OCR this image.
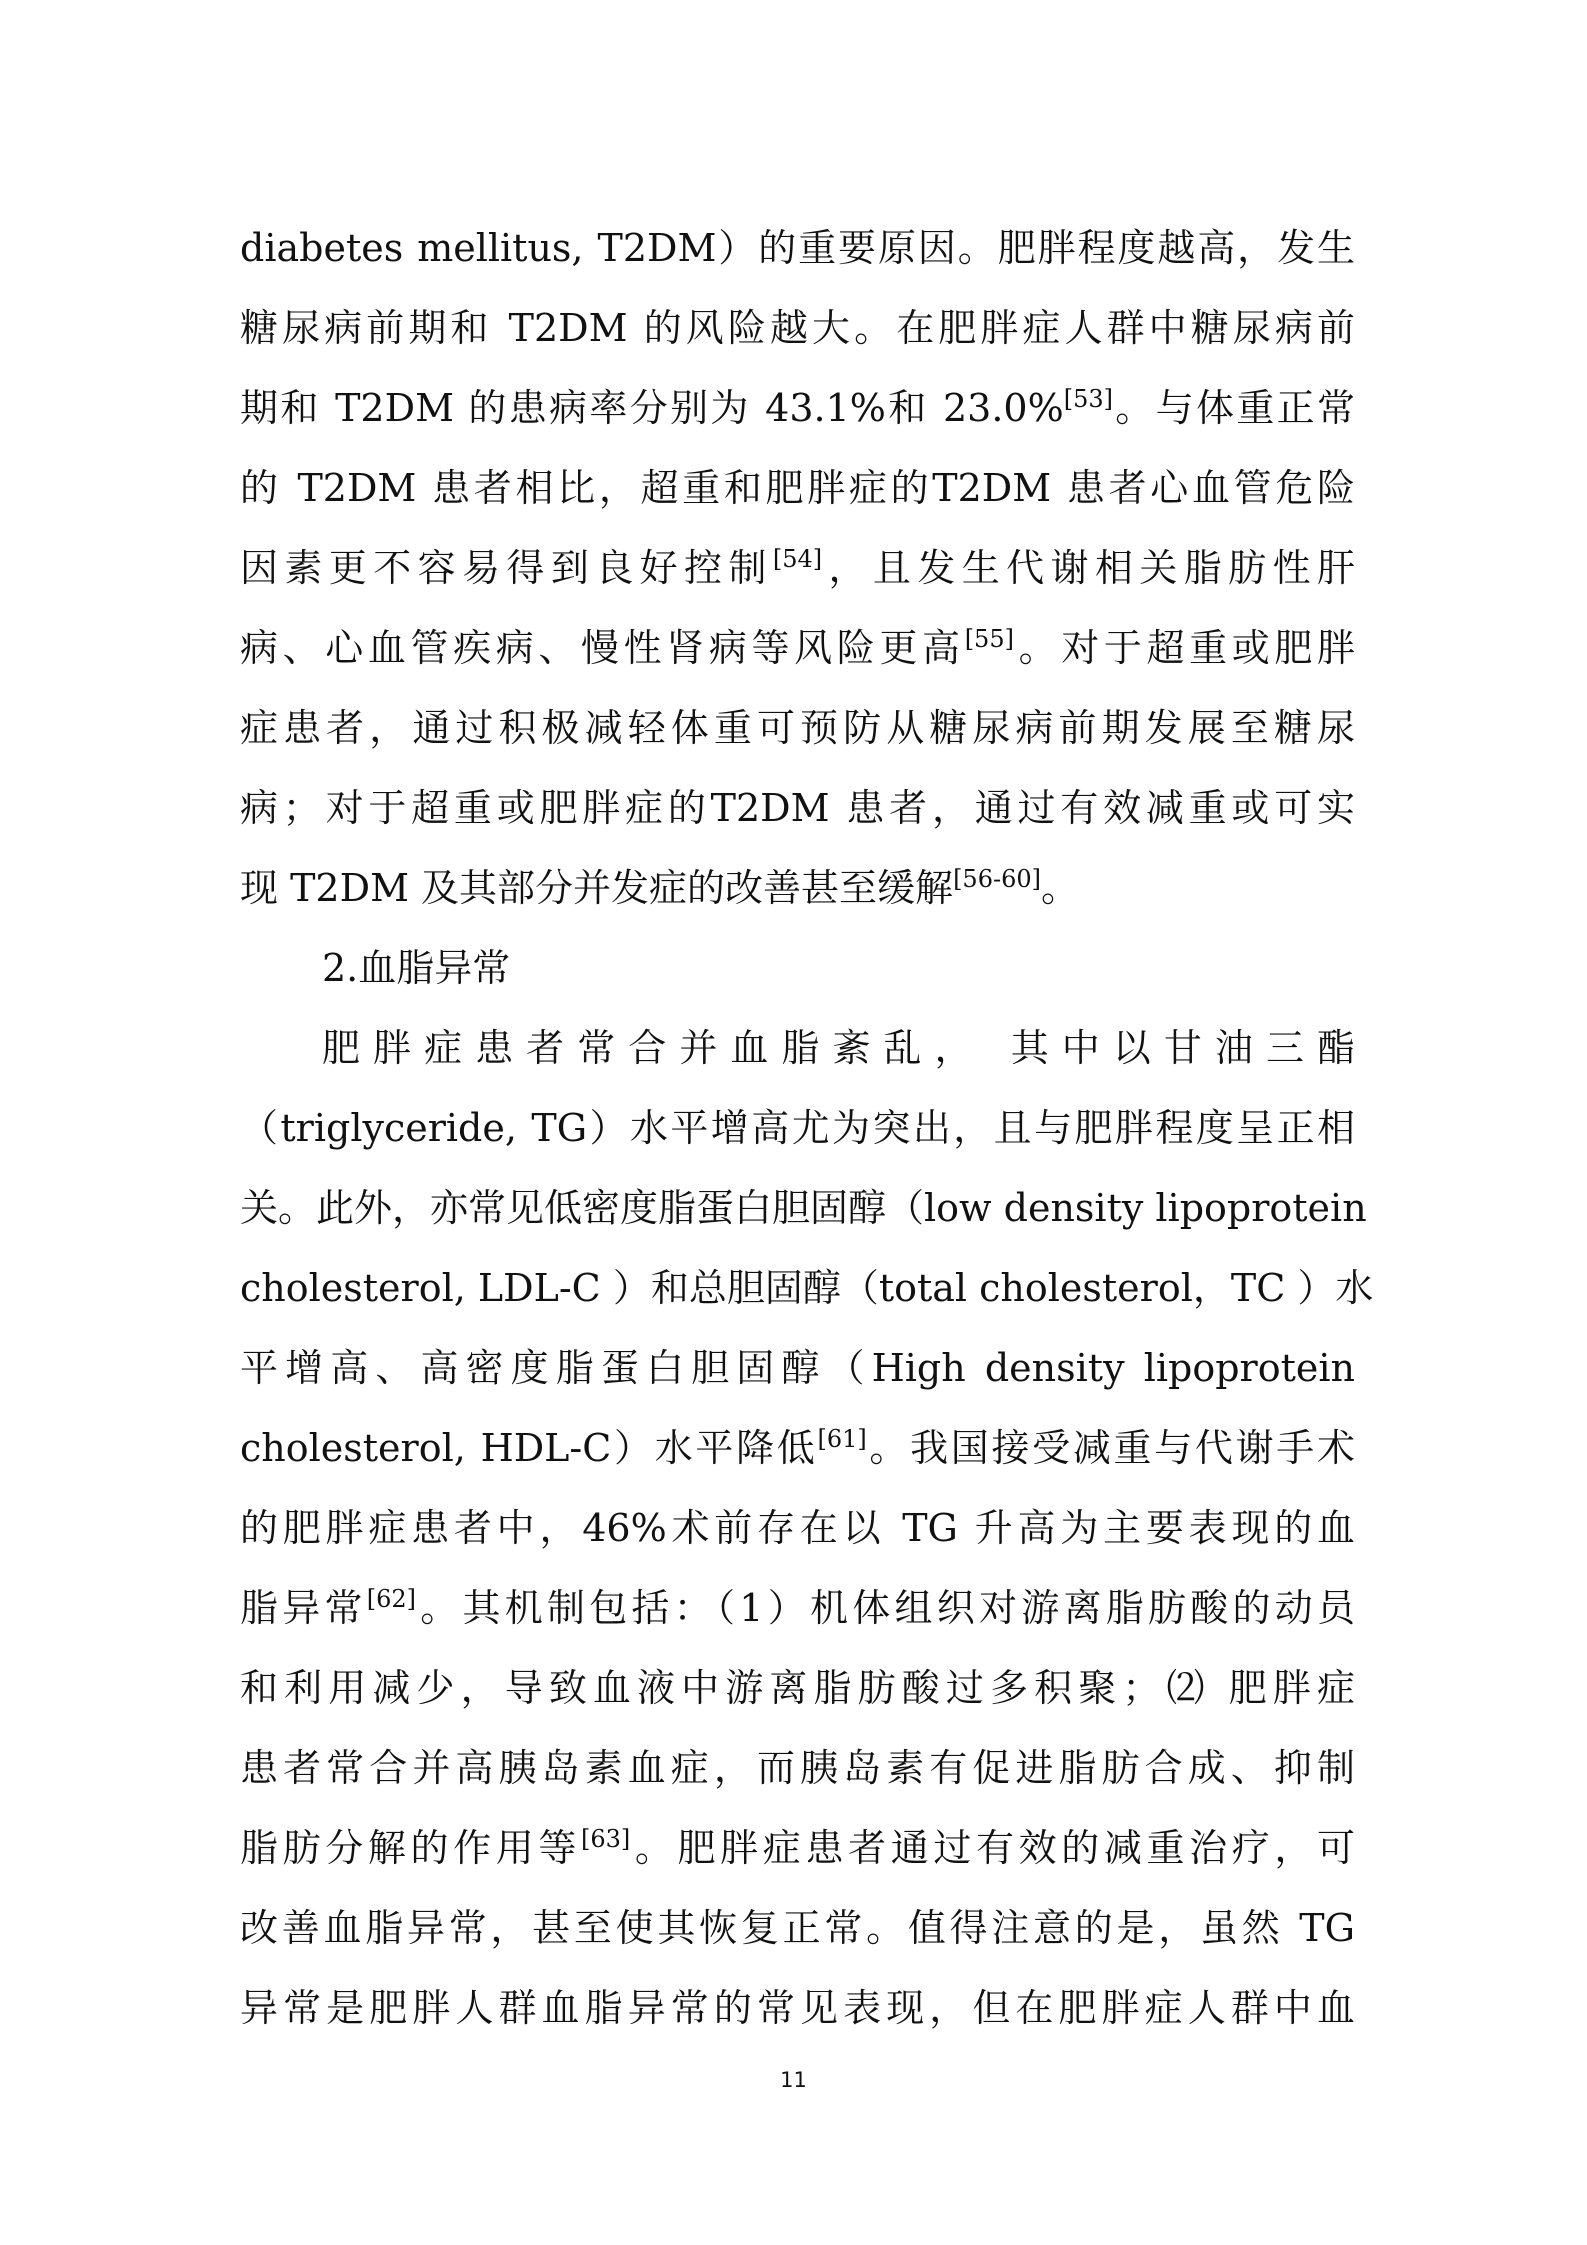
diabetes mellitus, T2DM）的重要原因。肥胖程度越高，发生
糖尿病前期和 T2DM 的风险越大。在肥胖症人群中糖尿病前
期和 T2DM 的患病率分别为 43.1%和 23.0%[53]。与体重正常
的 T2DM 患者相比，超重和肥胖症的T2DM 患者心血管危险
因素更不容易得到良好控制[54]，且发生代谢相关脂肪性肝
病、心血管疾病、慢性肾病等风险更高[55]。对于超重或肥胖
症患者，通过积极减轻体重可预防从糖尿病前期发展至糖尿
病；对于超重或肥胖症的T2DM 患者，通过有效减重或可实
现 T2DM 及其部分并发症的改善甚至缓解[56-60]。
2.血脂异常
肥胖症患者常合并血脂紊乱， 其中以甘油三酯
（triglyceride, TG）水平增高尤为突出，且与肥胖程度呈正相
关。此外，亦常见低密度脂蛋白胆固醇（low density lipoprotein
cholesterol, LDL-C ）和总胆固醇（total cholesterol，TC ）水
平增高、高密度脂蛋白胆固醇（High density lipoprotein
cholesterol, HDL-C）水平降低[61]。我国接受减重与代谢手术
的肥胖症患者中，46%术前存在以 TG 升高为主要表现的血
脂异常[62]。其机制包括：（1）机体组织对游离脂肪酸的动员
和利用减少，导致血液中游离脂肪酸过多积聚；⑵ 肥胖症
患者常合并高胰岛素血症，而胰岛素有促进脂肪合成、抑制
脂肪分解的作用等[63]。肥胖症患者通过有效的减重治疗，可
改善血脂异常，甚至使其恢复正常。值得注意的是，虽然 TG
异常是肥胖人群血脂异常的常见表现，但在肥胖症人群中血
11
